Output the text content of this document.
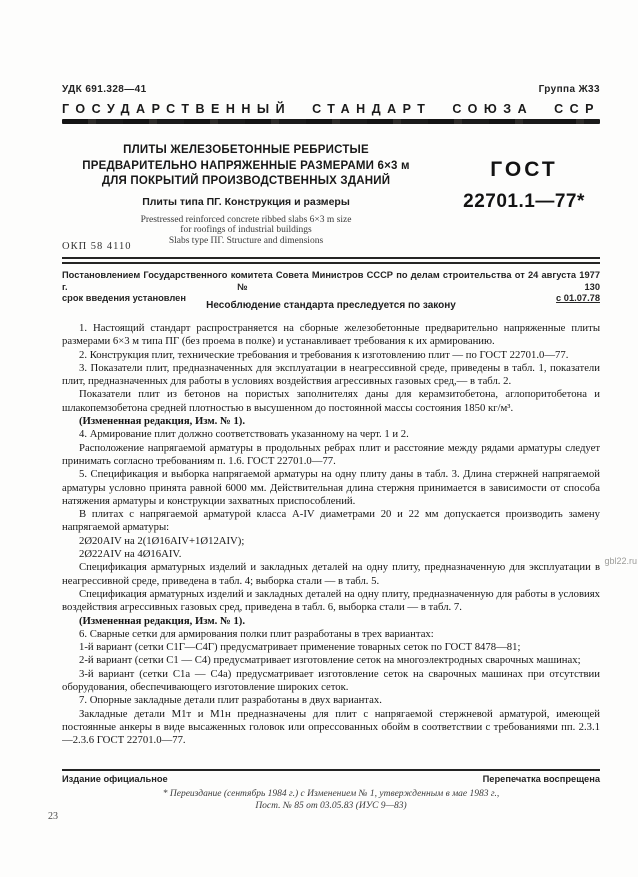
УДК 691.328—41	Группа Ж33
ГОСУДАРСТВЕННЫЙ СТАНДАРТ СОЮЗА ССР
ПЛИТЫ ЖЕЛЕЗОБЕТОННЫЕ РЕБРИСТЫЕ
ПРЕДВАРИТЕЛЬНО НАПРЯЖЕННЫЕ РАЗМЕРАМИ 6×3 м
ДЛЯ ПОКРЫТИЙ ПРОИЗВОДСТВЕННЫХ ЗДАНИЙ
Плиты типа ПГ. Конструкция и размеры
Prestressed reinforced concrete ribbed slabs 6×3 m size
for roofings of industrial buildings
Slabs type ПГ. Structure and dimensions
ГОСТ
22701.1—77*
ОКП 58 4110
Постановлением Государственного комитета Совета Министров СССР по делам строительства от 24 августа 1977 г. № 130
срок введения установлен	с 01.07.78
Несоблюдение стандарта преследуется по закону

1. Настоящий стандарт распространяется на сборные железобетонные предварительно напряженные плиты размерами 6×3 м типа ПГ (без проема в полке) и устанавливает требования к их армированию.

2. Конструкция плит, технические требования и требования к изготовлению плит — по ГОСТ 22701.0—77.

3. Показатели плит, предназначенных для эксплуатации в неагрессивной среде, приведены в табл. 1, показатели плит, предназначенных для работы в условиях воздействия агрессивных газовых сред,— в табл. 2.

Показатели плит из бетонов на пористых заполнителях даны для керамзитобетона, аглопоритобетона и шлакопемзобетона средней плотностью в высушенном до постоянной массы состояния 1850 кг/м³.

(Измененная редакция, Изм. № 1).

4. Армирование плит должно соответствовать указанному на черт. 1 и 2.

Расположение напрягаемой арматуры в продольных ребрах плит и расстояние между рядами арматуры следует принимать согласно требованиям п. 1.6. ГОСТ 22701.0—77.

5. Спецификация и выборка напрягаемой арматуры на одну плиту даны в табл. 3. Длина стержней напрягаемой арматуры условно принята равной 6000 мм. Действительная длина стержня принимается в зависимости от способа натяжения арматуры и конструкции захватных приспособлений.

В плитах с напрягаемой арматурой класса A-IV диаметрами 20 и 22 мм допускается производить замену напрягаемой арматуры:

2Ø20AIV на 2(1Ø16AIV+1Ø12AIV);

2Ø22AIV на 4Ø16AIV.

Спецификация арматурных изделий и закладных деталей на одну плиту, предназначенную для эксплуатации в неагрессивной среде, приведена в табл. 4; выборка стали — в табл. 5.

Спецификация арматурных изделий и закладных деталей на одну плиту, предназначенную для работы в условиях воздействия агрессивных газовых сред, приведена в табл. 6, выборка стали — в табл. 7.

(Измененная редакция, Изм. № 1).

6. Сварные сетки для армирования полки плит разработаны в трех вариантах:

1-й вариант (сетки С1Г—С4Г) предусматривает применение товарных сеток по ГОСТ 8478—81;

2-й вариант (сетки С1 — С4) предусматривает изготовление сеток на многоэлектродных сварочных машинах;

3-й вариант (сетки С1а — С4а) предусматривает изготовление сеток на сварочных машинах при отсутствии оборудования, обеспечивающего изготовление широких сеток.

7. Опорные закладные детали плит разработаны в двух вариантах.

Закладные детали М1т и М1н предназначены для плит с напрягаемой стержневой арматурой, имеющей постоянные анкеры в виде высаженных головок или опрессованных обойм в соответствии с требованиями пп. 2.3.1—2.3.6 ГОСТ 22701.0—77.

Издание официальное	Перепечатка воспрещена
* Переиздание (сентябрь 1984 г.) с Изменением № 1, утвержденным в мае 1983 г.,
Пост. № 85 от 03.05.83 (ИУС 9—83)
23
gbl22.ru
